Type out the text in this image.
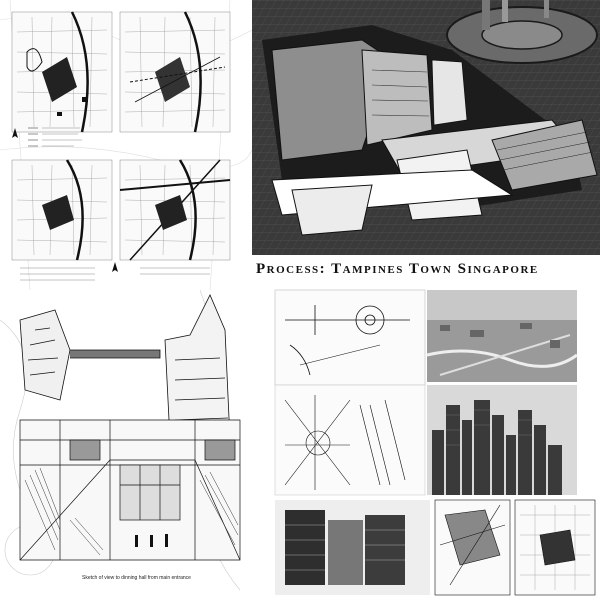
Process: Tampines Town Singapore
Sketch of view to dinning hall from main entrance
